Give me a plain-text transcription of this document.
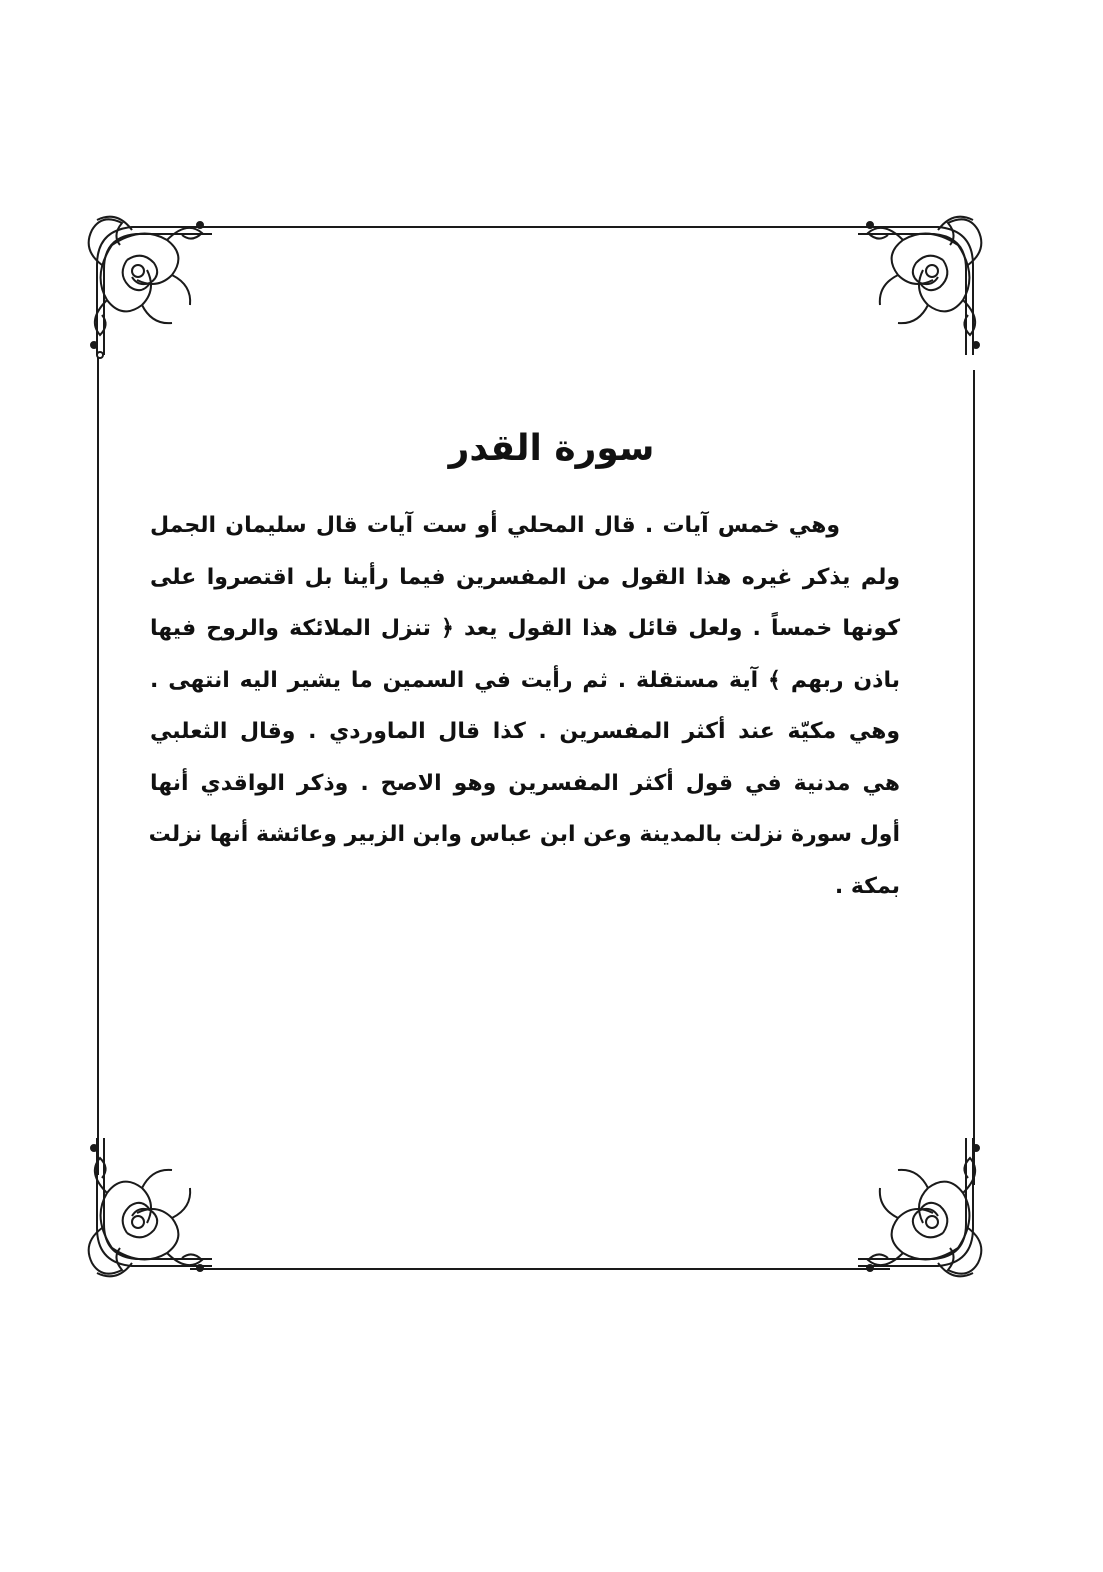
سورة القدر
وهي خمس آيات . قال المحلي أو ست آيات قال سليمان الجمل
ولم يذكر غيره هذا القول من المفسرين فيما رأينا بل اقتصروا على
كونها خمساً . ولعل قائل هذا القول يعد ﴿ تنزل الملائكة والروح فيها
باذن ربهم ﴾ آية مستقلة . ثم رأيت في السمين ما يشير اليه انتهى .
وهي مكيّة عند أكثر المفسرين . كذا قال الماوردي . وقال الثعلبي
هي مدنية في قول أكثر المفسرين وهو الاصح . وذكر الواقدي أنها
أول سورة نزلت بالمدينة وعن ابن عباس وابن الزبير وعائشة أنها نزلت
بمكة .
